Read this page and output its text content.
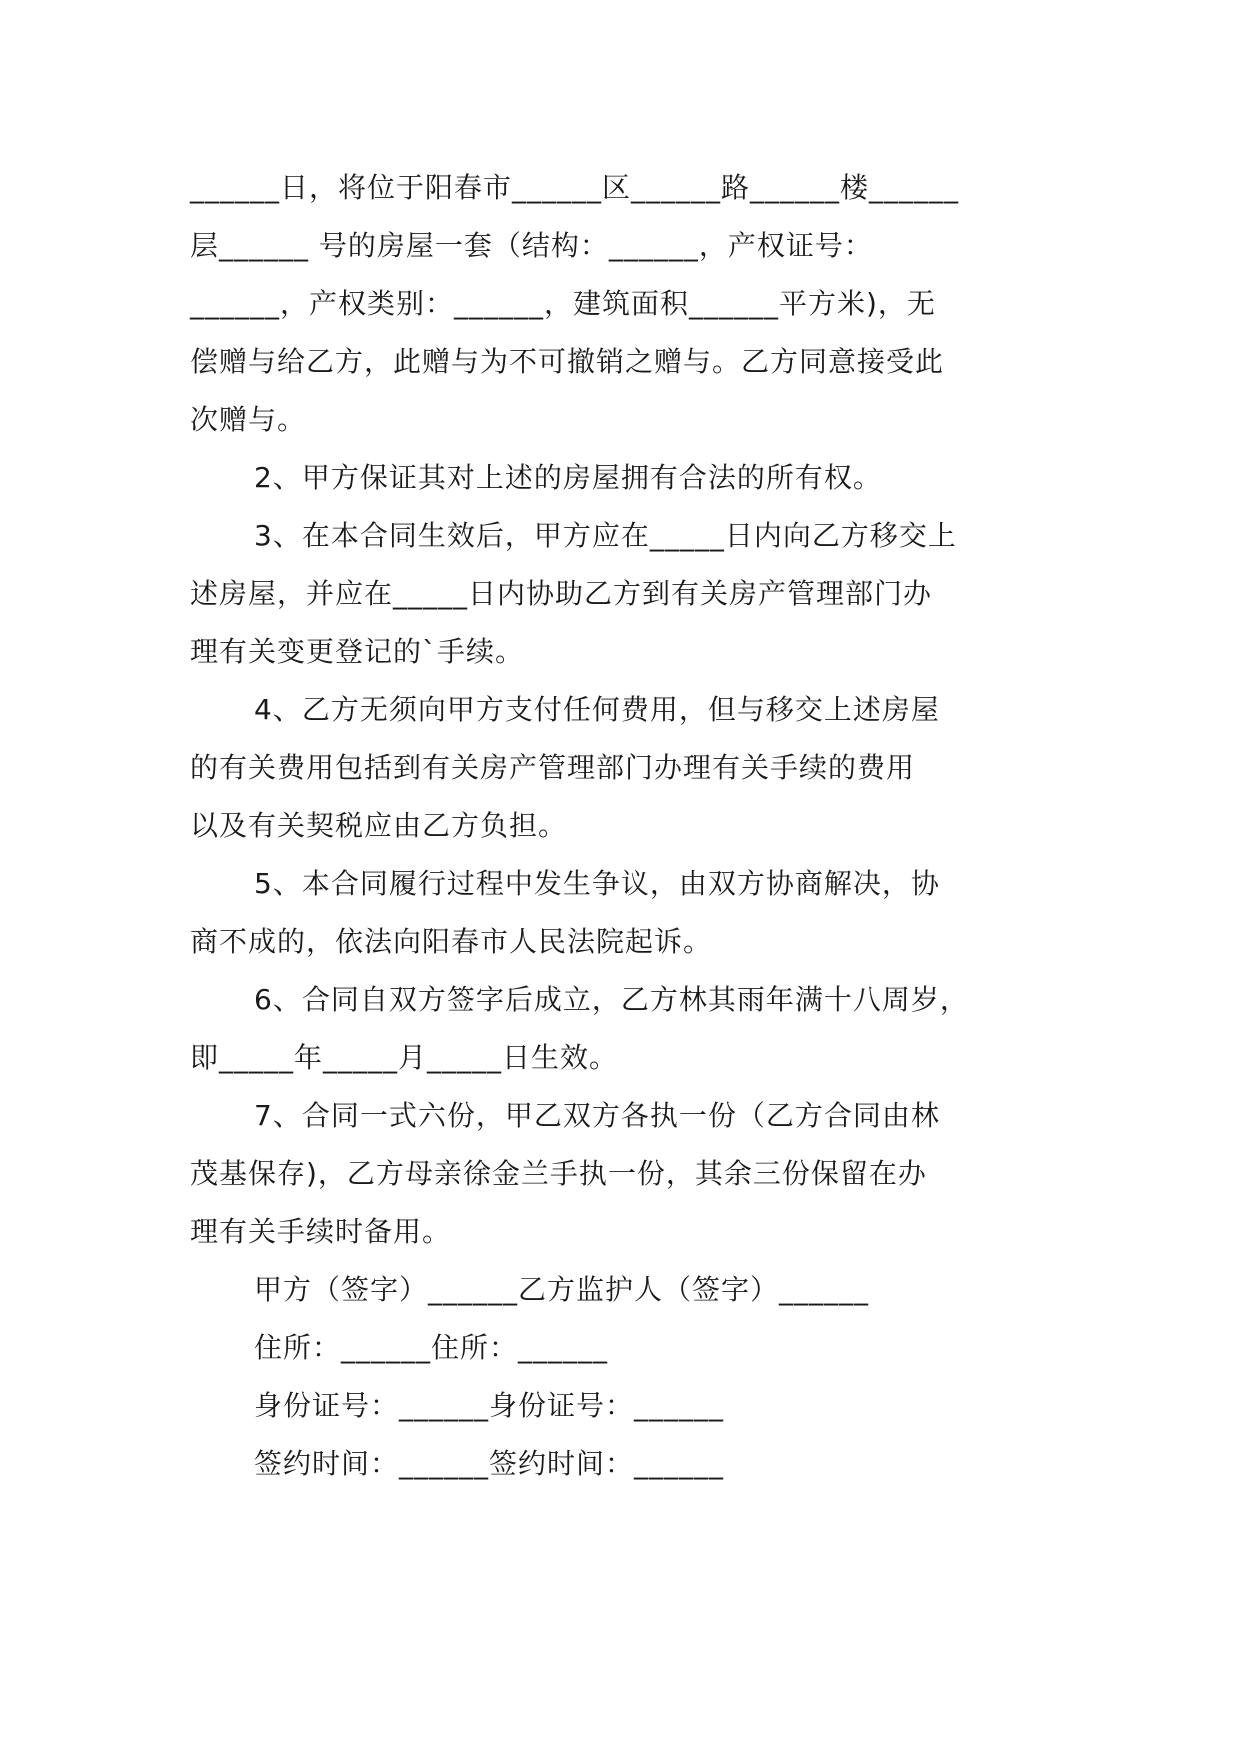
______日，将位于阳春市______区______路______楼______
层______ 号的房屋一套（结构：______，产权证号：
______，产权类别：______，建筑面积______平方米)，无
偿赠与给乙方，此赠与为不可撤销之赠与。乙方同意接受此
次赠与。
2、甲方保证其对上述的房屋拥有合法的所有权。
3、在本合同生效后，甲方应在_____日内向乙方移交上
述房屋，并应在_____日内协助乙方到有关房产管理部门办
理有关变更登记的`手续。
4、乙方无须向甲方支付任何费用，但与移交上述房屋
的有关费用包括到有关房产管理部门办理有关手续的费用
以及有关契税应由乙方负担。
5、本合同履行过程中发生争议，由双方协商解决，协
商不成的，依法向阳春市人民法院起诉。
6、合同自双方签字后成立，乙方林其雨年满十八周岁，
即_____年_____月_____日生效。
7、合同一式六份，甲乙双方各执一份（乙方合同由林
茂基保存)，乙方母亲徐金兰手执一份，其余三份保留在办
理有关手续时备用。
甲方（签字）______乙方监护人（签字）______
住所：______住所：______
身份证号：______身份证号：______
签约时间：______签约时间：______
